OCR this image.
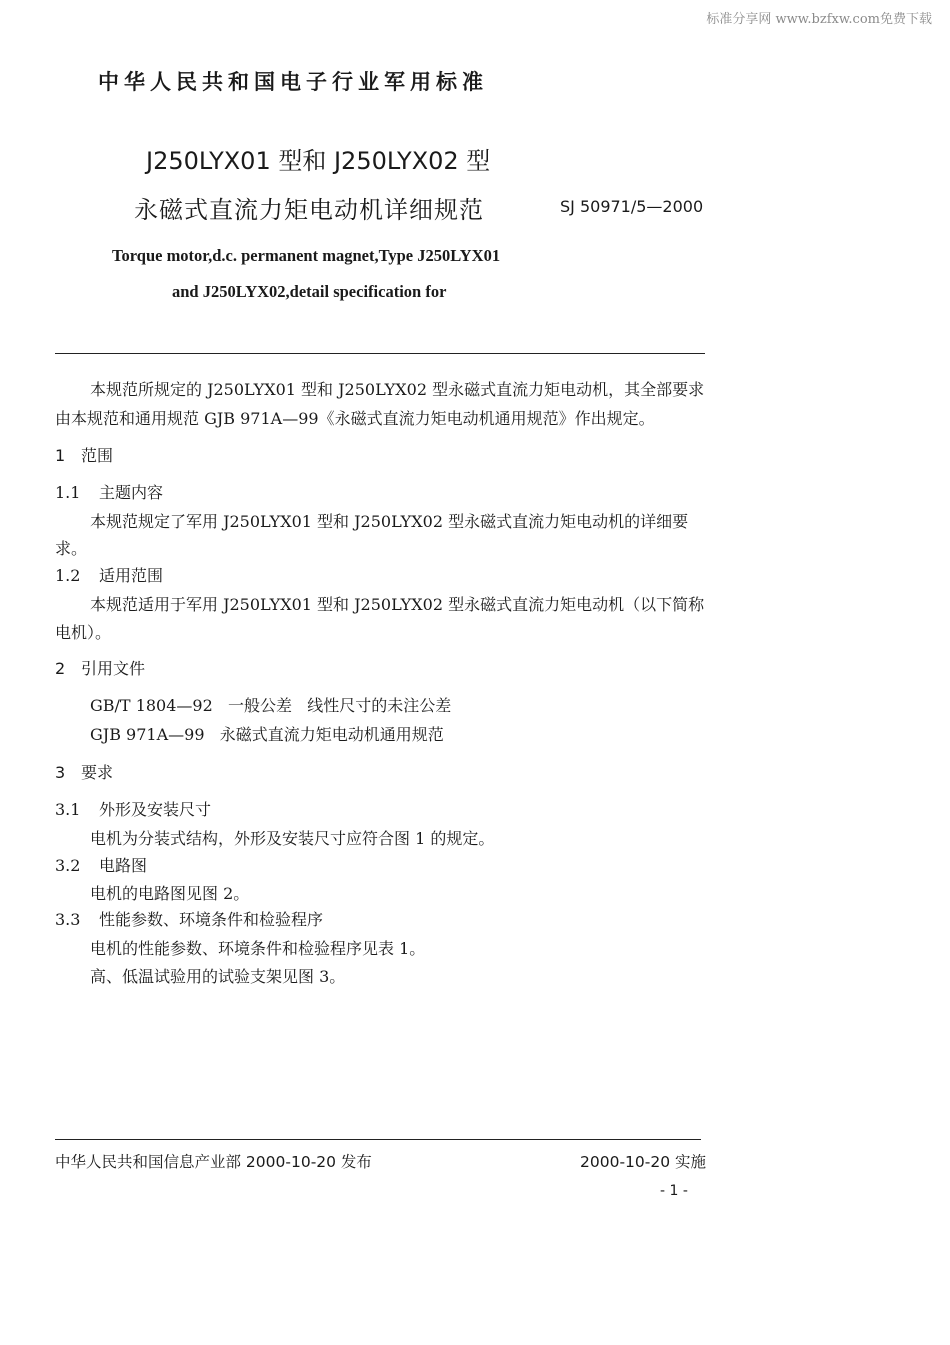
标准分享网 www.bzfxw.com免费下载
中华人民共和国电子行业军用标准
J250LYX01 型和 J250LYX02 型
永磁式直流力矩电动机详细规范	SJ 50971/5—2000
Torque motor,d.c. permanent magnet,Type J250LYX01
and J250LYX02,detail specification for
本规范所规定的 J250LYX01 型和 J250LYX02 型永磁式直流力矩电动机，其全部要求
由本规范和通用规范 GJB 971A—99《永磁式直流力矩电动机通用规范》作出规定。
1 范围
1.1 主题内容
本规范规定了军用 J250LYX01 型和 J250LYX02 型永磁式直流力矩电动机的详细要
求。
1.2 适用范围
本规范适用于军用 J250LYX01 型和 J250LYX02 型永磁式直流力矩电动机（以下简称
电机）。
2 引用文件
GB/T 1804—92   一般公差   线性尺寸的未注公差
GJB 971A—99   永磁式直流力矩电动机通用规范
3 要求
3.1 外形及安装尺寸
电机为分装式结构，外形及安装尺寸应符合图 1 的规定。
3.2 电路图
电机的电路图见图 2。
3.3 性能参数、环境条件和检验程序
电机的性能参数、环境条件和检验程序见表 1。
高、低温试验用的试验支架见图 3。
中华人民共和国信息产业部 2000-10-20 发布	2000-10-20 实施
- 1 -
